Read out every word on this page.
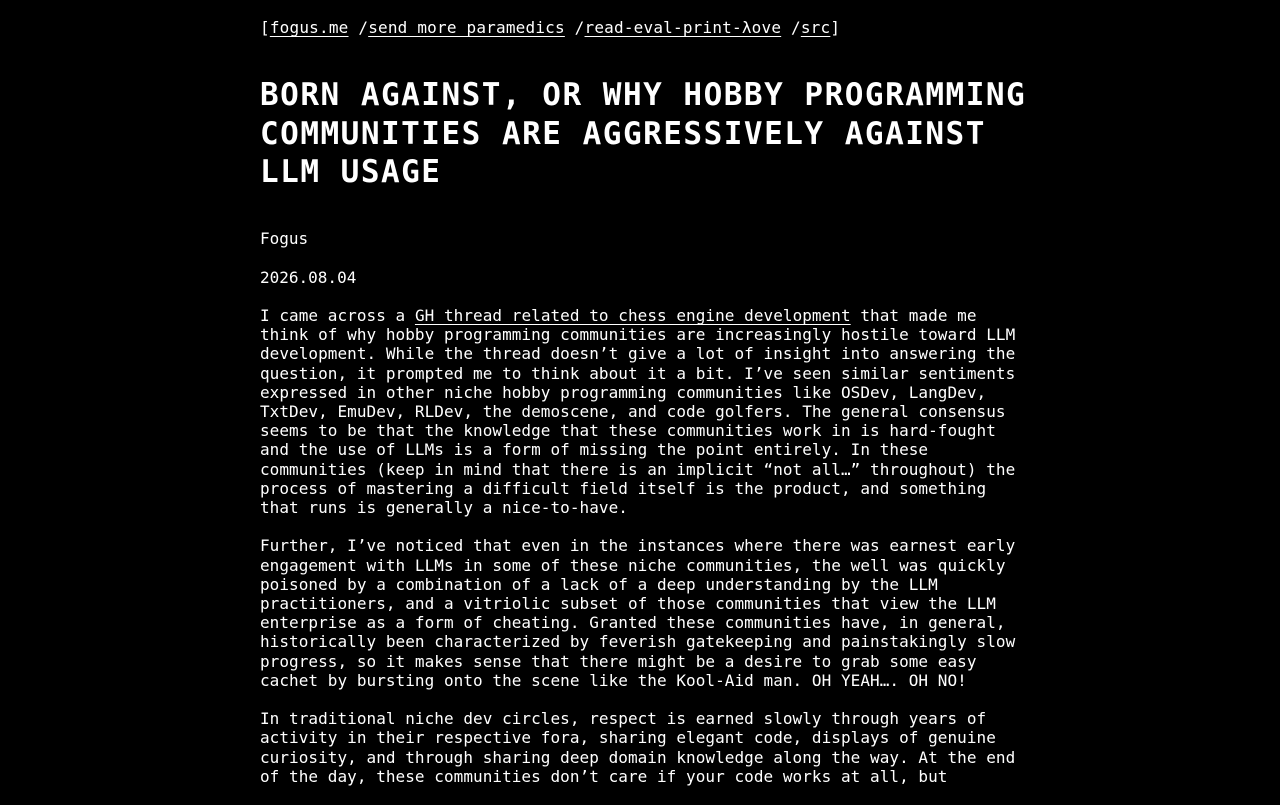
[fogus.me /send more paramedics /read-eval-print-λove /src]
BORN AGAINST, OR WHY HOBBY PROGRAMMING COMMUNITIES ARE AGGRESSIVELY AGAINST LLM USAGE

Fogus

2026.08.04

I came across a GH thread related to chess engine development that made me think of why hobby programming communities are increasingly hostile toward LLM development. While the thread doesn’t give a lot of insight into answering the question, it prompted me to think about it a bit. I’ve seen similar sentiments expressed in other niche hobby programming communities like OSDev, LangDev, TxtDev, EmuDev, RLDev, the demoscene, and code golfers. The general consensus seems to be that the knowledge that these communities work in is hard-fought and the use of LLMs is a form of missing the point entirely. In these communities (keep in mind that there is an implicit “not all…” throughout) the process of mastering a difficult field itself is the product, and something that runs is generally a nice-to-have.

Further, I’ve noticed that even in the instances where there was earnest early engagement with LLMs in some of these niche communities, the well was quickly poisoned by a combination of a lack of a deep understanding by the LLM practitioners, and a vitriolic subset of those communities that view the LLM enterprise as a form of cheating. Granted these communities have, in general, historically been characterized by feverish gatekeeping and painstakingly slow progress, so it makes sense that there might be a desire to grab some easy cachet by bursting onto the scene like the Kool-Aid man. OH YEAH…. OH NO!

In traditional niche dev circles, respect is earned slowly through years of activity in their respective fora, sharing elegant code, displays of genuine curiosity, and through sharing deep domain knowledge along the way. At the end of the day, these communities don’t care if your code works at all, but
